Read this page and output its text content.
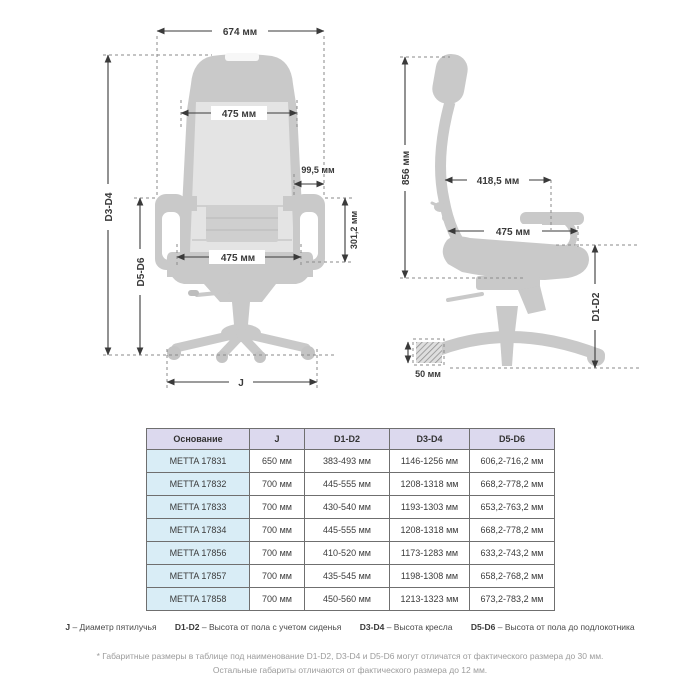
674 мм
D3-D4
D5-D6
475 мм
99,5 мм
301,2 мм
475 мм
J
856 мм	418,5 мм
475 мм
D1-D2
50 мм
Основание	J	D1-D2	D3-D4	D5-D6
METTA 17831	650 мм	383-493 мм	1146-1256 мм	606,2-716,2 мм
METTA 17832	700 мм	445-555 мм	1208-1318 мм	668,2-778,2 мм
METTA 17833	700 мм	430-540 мм	1193-1303 мм	653,2-763,2 мм
METTA 17834	700 мм	445-555 мм	1208-1318 мм	668,2-778,2 мм
METTA 17856	700 мм	410-520 мм	1173-1283 мм	633,2-743,2 мм
METTA 17857	700 мм	435-545 мм	1198-1308 мм	658,2-768,2 мм
METTA 17858	700 мм	450-560 мм	1213-1323 мм	673,2-783,2 мм
J – Диаметр пятилучья D1-D2 – Высота от пола с учетом сиденья D3-D4 – Высота кресла D5-D6 – Высота от пола до подлокотника
* Габаритные размеры в таблице под наименование D1-D2, D3-D4 и D5-D6 могут отличатся от фактического размера до 30 мм.
Остальные габариты отличаются от фактического размера до 12 мм.
